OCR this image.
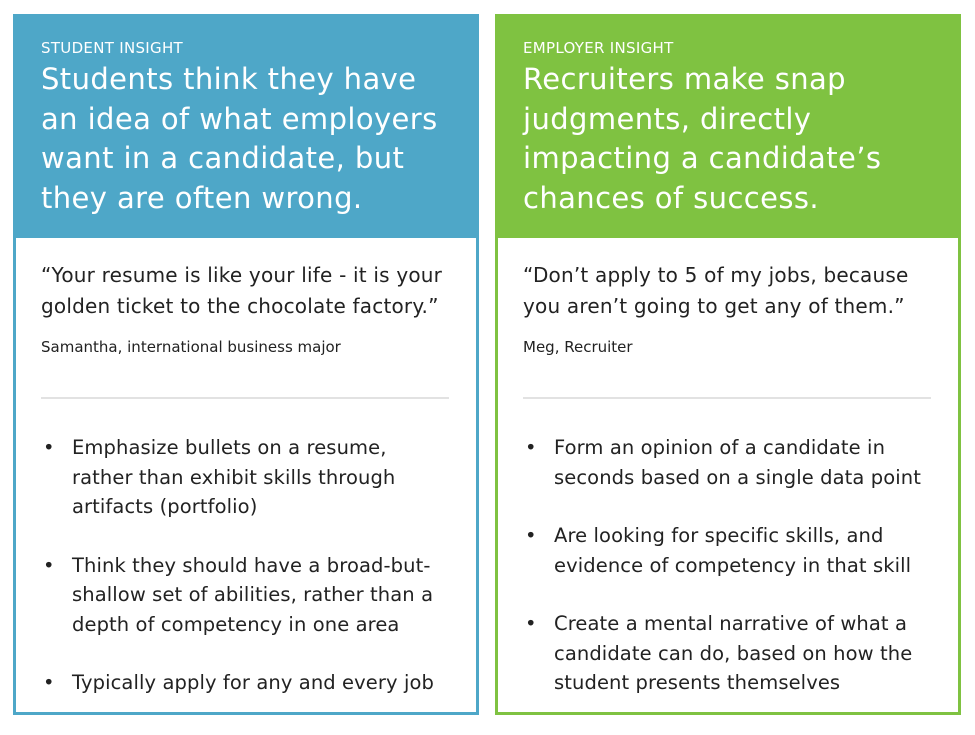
STUDENT INSIGHT
Students think they have an idea of what employers want in a candidate, but they are often wrong.

“Your resume is like your life - it is your golden ticket to the chocolate factory.”

Samantha, international business major

• Emphasize bullets on a resume, rather than exhibit skills through artifacts (portfolio)
• Think they should have a broad-but-shallow set of abilities, rather than a depth of competency in one area
• Typically apply for any and every job
EMPLOYER INSIGHT
Recruiters make snap judgments, directly impacting a candidate’s chances of success.

“Don’t apply to 5 of my jobs, because you aren’t going to get any of them.”

Meg, Recruiter

• Form an opinion of a candidate in seconds based on a single data point
• Are looking for specific skills, and evidence of competency in that skill
• Create a mental narrative of what a candidate can do, based on how the student presents themselves
